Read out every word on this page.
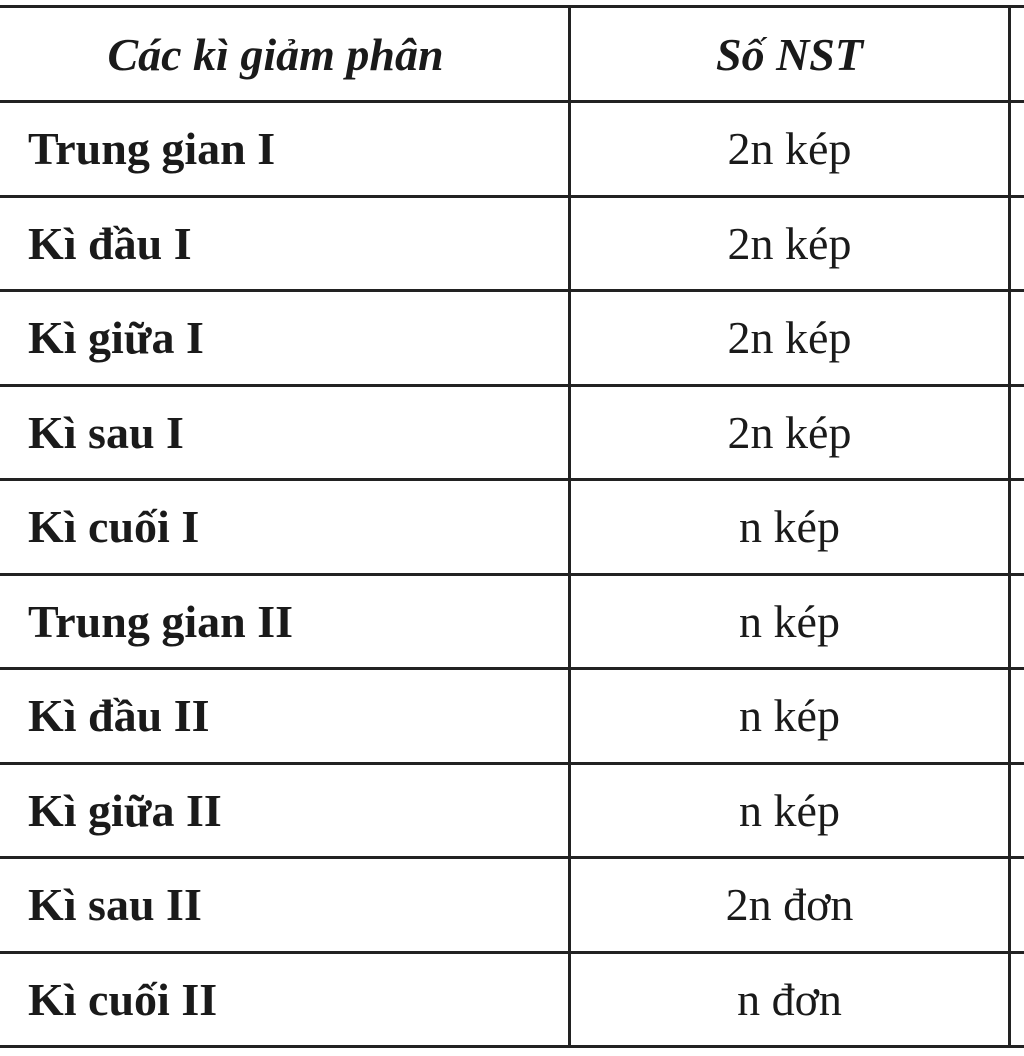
Các kì giảm phân	Số NST	
Trung gian I	2n kép	
Kì đầu I	2n kép	
Kì giữa I	2n kép	
Kì sau I	2n kép	
Kì cuối I	n kép	
Trung gian II	n kép	
Kì đầu II	n kép	
Kì giữa II	n kép	
Kì sau II	2n đơn	
Kì cuối II	n đơn	
